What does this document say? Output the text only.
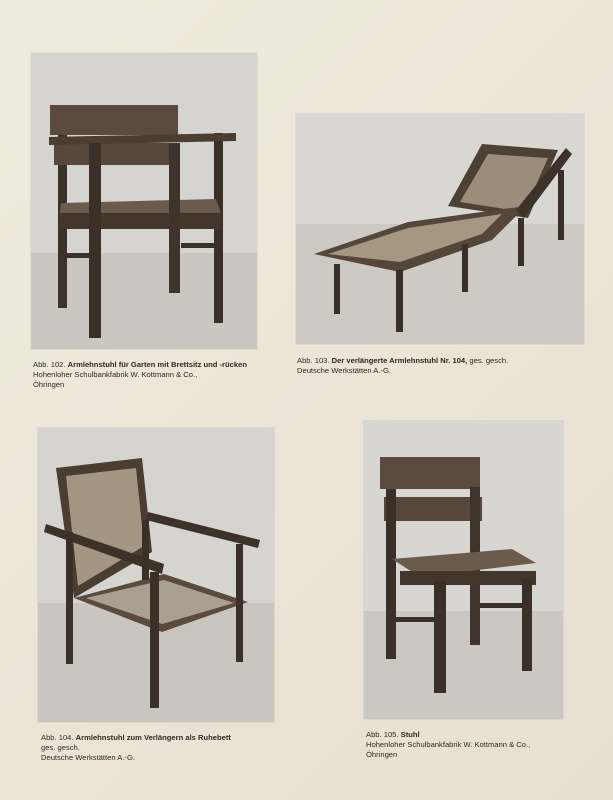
Abb. 102. Armlehnstuhl für Garten mit Brettsitz und -rücken
Hohenloher Schulbankfabrik W. Kottmann & Co.,
Öhringen
Abb. 103. Der verlängerte Armlehnstuhl Nr. 104, ges. gesch.
Deutsche Werkstätten A.-G.
Abb. 104. Armlehnstuhl zum Verlängern als Ruhebett
ges. gesch.
Deutsche Werkstätten A.-G.
Abb. 105. Stuhl
Hohenloher Schulbankfabrik W. Kottmann & Co.,
Öhringen
